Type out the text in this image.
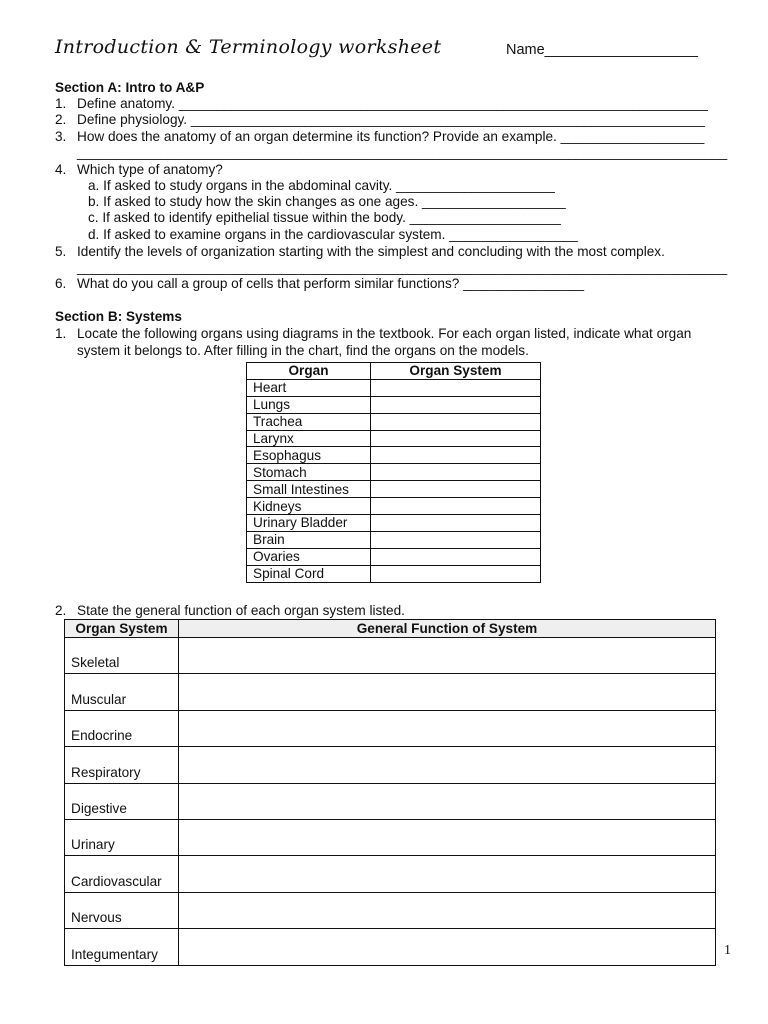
Introduction & Terminology worksheet	Name___________________
Section A: Intro to A&P
1. Define anatomy. ______________________________________________________________________
2. Define physiology. ____________________________________________________________________
3. How does the anatomy of an organ determine its function? Provide an example. ___________________
______________________________________________________________________________________
4. Which type of anatomy?
a. If asked to study organs in the abdominal cavity. _____________________
b. If asked to study how the skin changes as one ages. ___________________
c. If asked to identify epithelial tissue within the body. ____________________
d. If asked to examine organs in the cardiovascular system. _________________
5. Identify the levels of organization starting with the simplest and concluding with the most complex.
______________________________________________________________________________________
6. What do you call a group of cells that perform similar functions? ________________
Section B: Systems
1. Locate the following organs using diagrams in the textbook. For each organ listed, indicate what organ
system it belongs to. After filling in the chart, find the organs on the models.
Organ	Organ System
Heart	
Lungs	
Trachea	
Larynx	
Esophagus	
Stomach	
Small Intestines	
Kidneys	
Urinary Bladder	
Brain	
Ovaries	
Spinal Cord	
2. State the general function of each organ system listed.
Organ System	General Function of System
Skeletal	
Muscular	
Endocrine	
Respiratory	
Digestive	
Urinary	
Cardiovascular	
Nervous	
Integumentary		1
